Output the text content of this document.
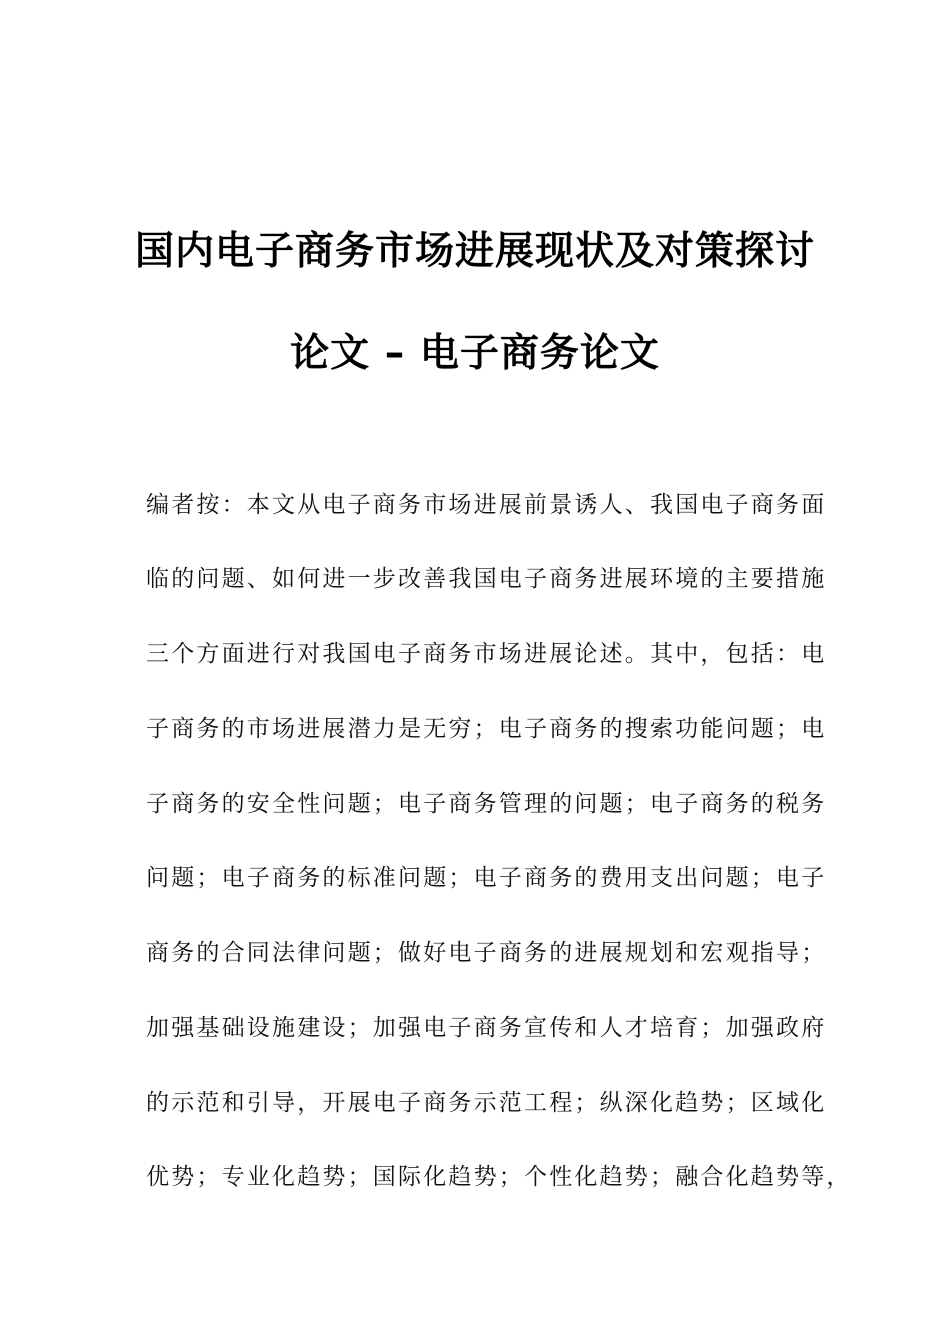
国内电子商务市场进展现状及对策探讨
论文 – 电子商务论文
编者按：本文从电子商务市场进展前景诱人、我国电子商务面
临的问题、如何进一步改善我国电子商务进展环境的主要措施
三个方面进行对我国电子商务市场进展论述。其中，包括：电
子商务的市场进展潜力是无穷；电子商务的搜索功能问题；电
子商务的安全性问题；电子商务管理的问题；电子商务的税务
问题；电子商务的标准问题；电子商务的费用支出问题；电子
商务的合同法律问题；做好电子商务的进展规划和宏观指导；
加强基础设施建设；加强电子商务宣传和人才培育；加强政府
的示范和引导，开展电子商务示范工程；纵深化趋势；区域化
优势；专业化趋势；国际化趋势；个性化趋势；融合化趋势等，
